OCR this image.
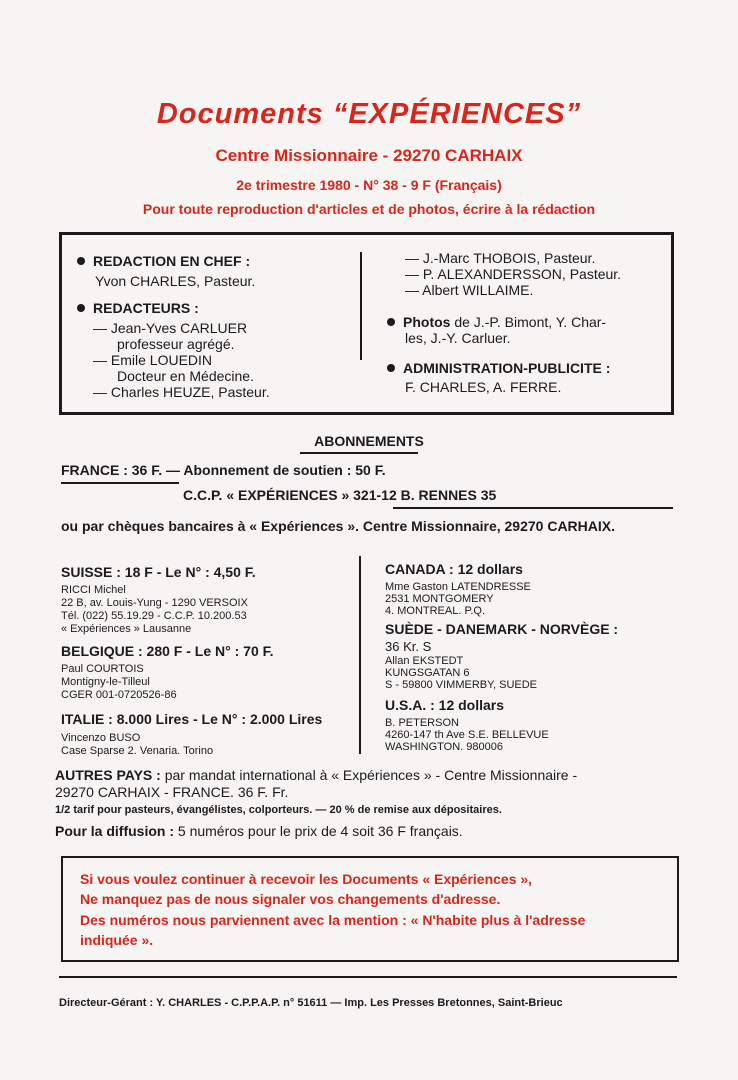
Documents “EXPÉRIENCES”
Centre Missionnaire - 29270 CARHAIX
2e trimestre 1980 - N° 38 - 9 F (Français)
Pour toute reproduction d'articles et de photos, écrire à la rédaction
REDACTION EN CHEF :
Yvon CHARLES, Pasteur.
REDACTEURS :
— Jean-Yves CARLUER
professeur agrégé.
— Emile LOUEDIN
Docteur en Médecine.
— Charles HEUZE, Pasteur.
— J.-Marc THOBOIS, Pasteur.
— P. ALEXANDERSSON, Pasteur.
— Albert WILLAIME.
Photos de J.-P. Bimont, Y. Char-
les, J.-Y. Carluer.
ADMINISTRATION-PUBLICITE :
F. CHARLES, A. FERRE.
ABONNEMENTS
FRANCE : 36 F. — Abonnement de soutien : 50 F.
C.C.P. « EXPÉRIENCES » 321-12 B. RENNES 35
ou par chèques bancaires à « Expériences ». Centre Missionnaire, 29270 CARHAIX.
SUISSE : 18 F - Le N° : 4,50 F.
RICCI Michel
22 B, av. Louis-Yung - 1290 VERSOIX
Tél. (022) 55.19.29 - C.C.P. 10.200.53
« Expériences » Lausanne
BELGIQUE : 280 F - Le N° : 70 F.
Paul COURTOIS
Montigny-le-Tilleul
CGER 001-0720526-86
ITALIE : 8.000 Lires - Le N° : 2.000 Lires
Vincenzo BUSO
Case Sparse 2. Venaria. Torino
CANADA : 12 dollars
Mme Gaston LATENDRESSE
2531 MONTGOMERY
4. MONTREAL. P.Q.
SUÈDE - DANEMARK - NORVÈGE :
36 Kr. S
Allan EKSTEDT
KUNGSGATAN 6
S - 59800 VIMMERBY, SUEDE
U.S.A. : 12 dollars
B. PETERSON
4260-147 th Ave S.E. BELLEVUE
WASHINGTON. 980006
AUTRES PAYS : par mandat international à « Expériences » - Centre Missionnaire -
29270 CARHAIX - FRANCE. 36 F. Fr.
1/2 tarif pour pasteurs, évangélistes, colporteurs. — 20 % de remise aux dépositaires.
Pour la diffusion : 5 numéros pour le prix de 4 soit 36 F français.
Si vous voulez continuer à recevoir les Documents « Expériences »,
Ne manquez pas de nous signaler vos changements d'adresse.
Des numéros nous parviennent avec la mention : « N'habite plus à l'adresse
indiquée ».
Directeur-Gérant : Y. CHARLES - C.P.P.A.P. n° 51611 — Imp. Les Presses Bretonnes, Saint-Brieuc
